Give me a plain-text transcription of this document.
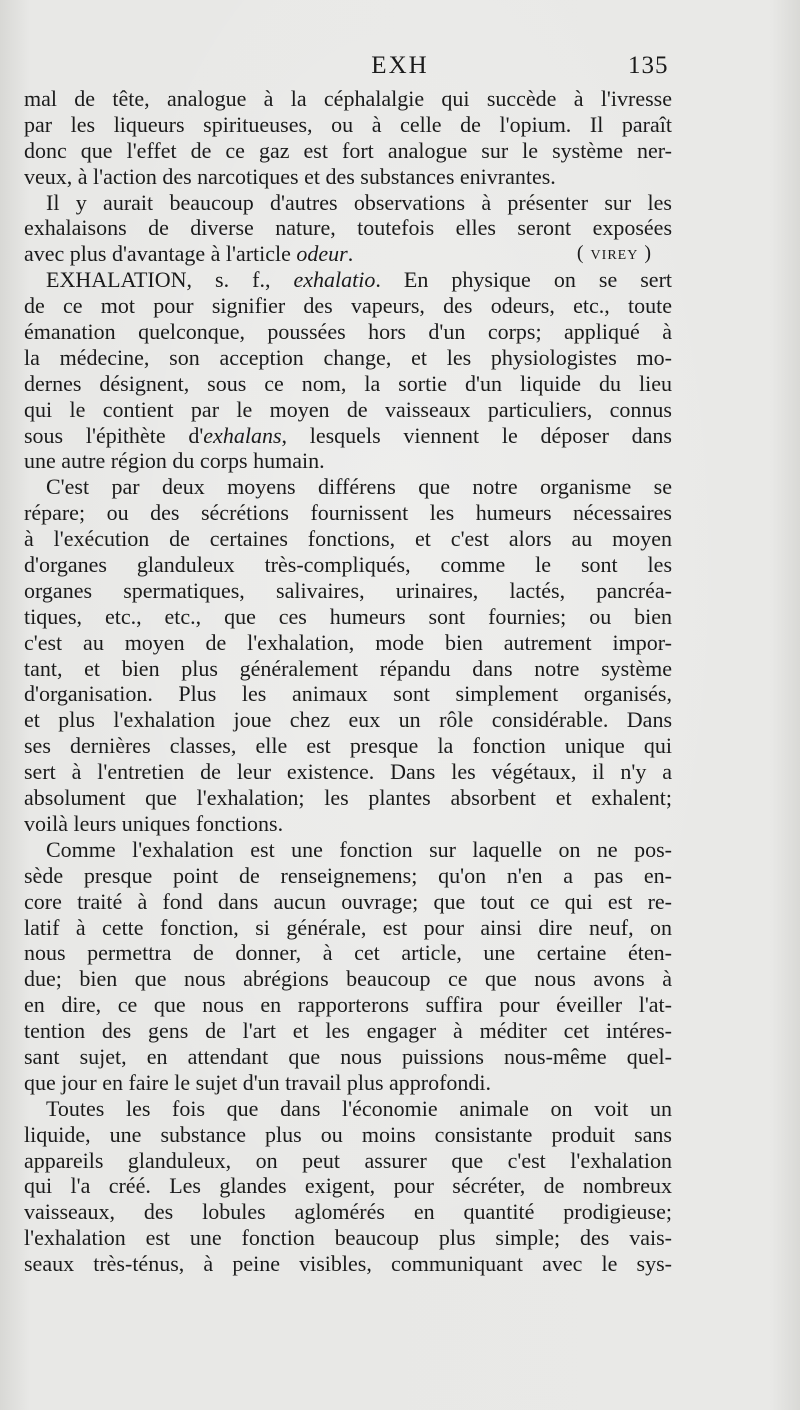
EXH	135
mal de tête, analogue à la céphalalgie qui succède à l'ivresse
par les liqueurs spiritueuses, ou à celle de l'opium. Il paraît
donc que l'effet de ce gaz est fort analogue sur le système ner-
veux, à l'action des narcotiques et des substances enivrantes.
Il y aurait beaucoup d'autres observations à présenter sur les
exhalaisons de diverse nature, toutefois elles seront exposées
avec plus d'avantage à l'article odeur.
(	VIREY )
EXHALATION, s. f., exhalatio. En physique on se sert
de ce mot pour signifier des vapeurs, des odeurs, etc., toute
émanation quelconque, poussées hors d'un corps; appliqué à
la médecine, son acception change, et les physiologistes mo-
dernes désignent, sous ce nom, la sortie d'un liquide du lieu
qui le contient par le moyen de vaisseaux particuliers, connus
sous l'épithète d'exhalans, lesquels viennent le déposer dans
une autre région du corps humain.
C'est par deux moyens différens que notre organisme se
répare; ou des sécrétions fournissent les humeurs nécessaires
à l'exécution de certaines fonctions, et c'est alors au moyen
d'organes glanduleux très-compliqués, comme le sont les
organes spermatiques, salivaires, urinaires, lactés, pancréa-
tiques, etc., etc., que ces humeurs sont fournies; ou bien
c'est au moyen de l'exhalation, mode bien autrement impor-
tant, et bien plus généralement répandu dans notre système
d'organisation. Plus les animaux sont simplement organisés,
et plus l'exhalation joue chez eux un rôle considérable. Dans
ses dernières classes, elle est presque la fonction unique qui
sert à l'entretien de leur existence. Dans les végétaux, il n'y a
absolument que l'exhalation; les plantes absorbent et exhalent;
voilà leurs uniques fonctions.
Comme l'exhalation est une fonction sur laquelle on ne pos-
sède presque point de renseignemens; qu'on n'en a pas en-
core traité à fond dans aucun ouvrage; que tout ce qui est re-
latif à cette fonction, si générale, est pour ainsi dire neuf, on
nous permettra de donner, à cet article, une certaine éten-
due; bien que nous abrégions beaucoup ce que nous avons à
en dire, ce que nous en rapporterons suffira pour éveiller l'at-
tention des gens de l'art et les engager à méditer cet intéres-
sant sujet, en attendant que nous puissions nous-même quel-
que jour en faire le sujet d'un travail plus approfondi.
Toutes les fois que dans l'économie animale on voit un
liquide, une substance plus ou moins consistante produit sans
appareils glanduleux, on peut assurer que c'est l'exhalation
qui l'a créé. Les glandes exigent, pour sécréter, de nombreux
vaisseaux, des lobules aglomérés en quantité prodigieuse;
l'exhalation est une fonction beaucoup plus simple; des vais-
seaux très-ténus, à peine visibles, communiquant avec le sys-
